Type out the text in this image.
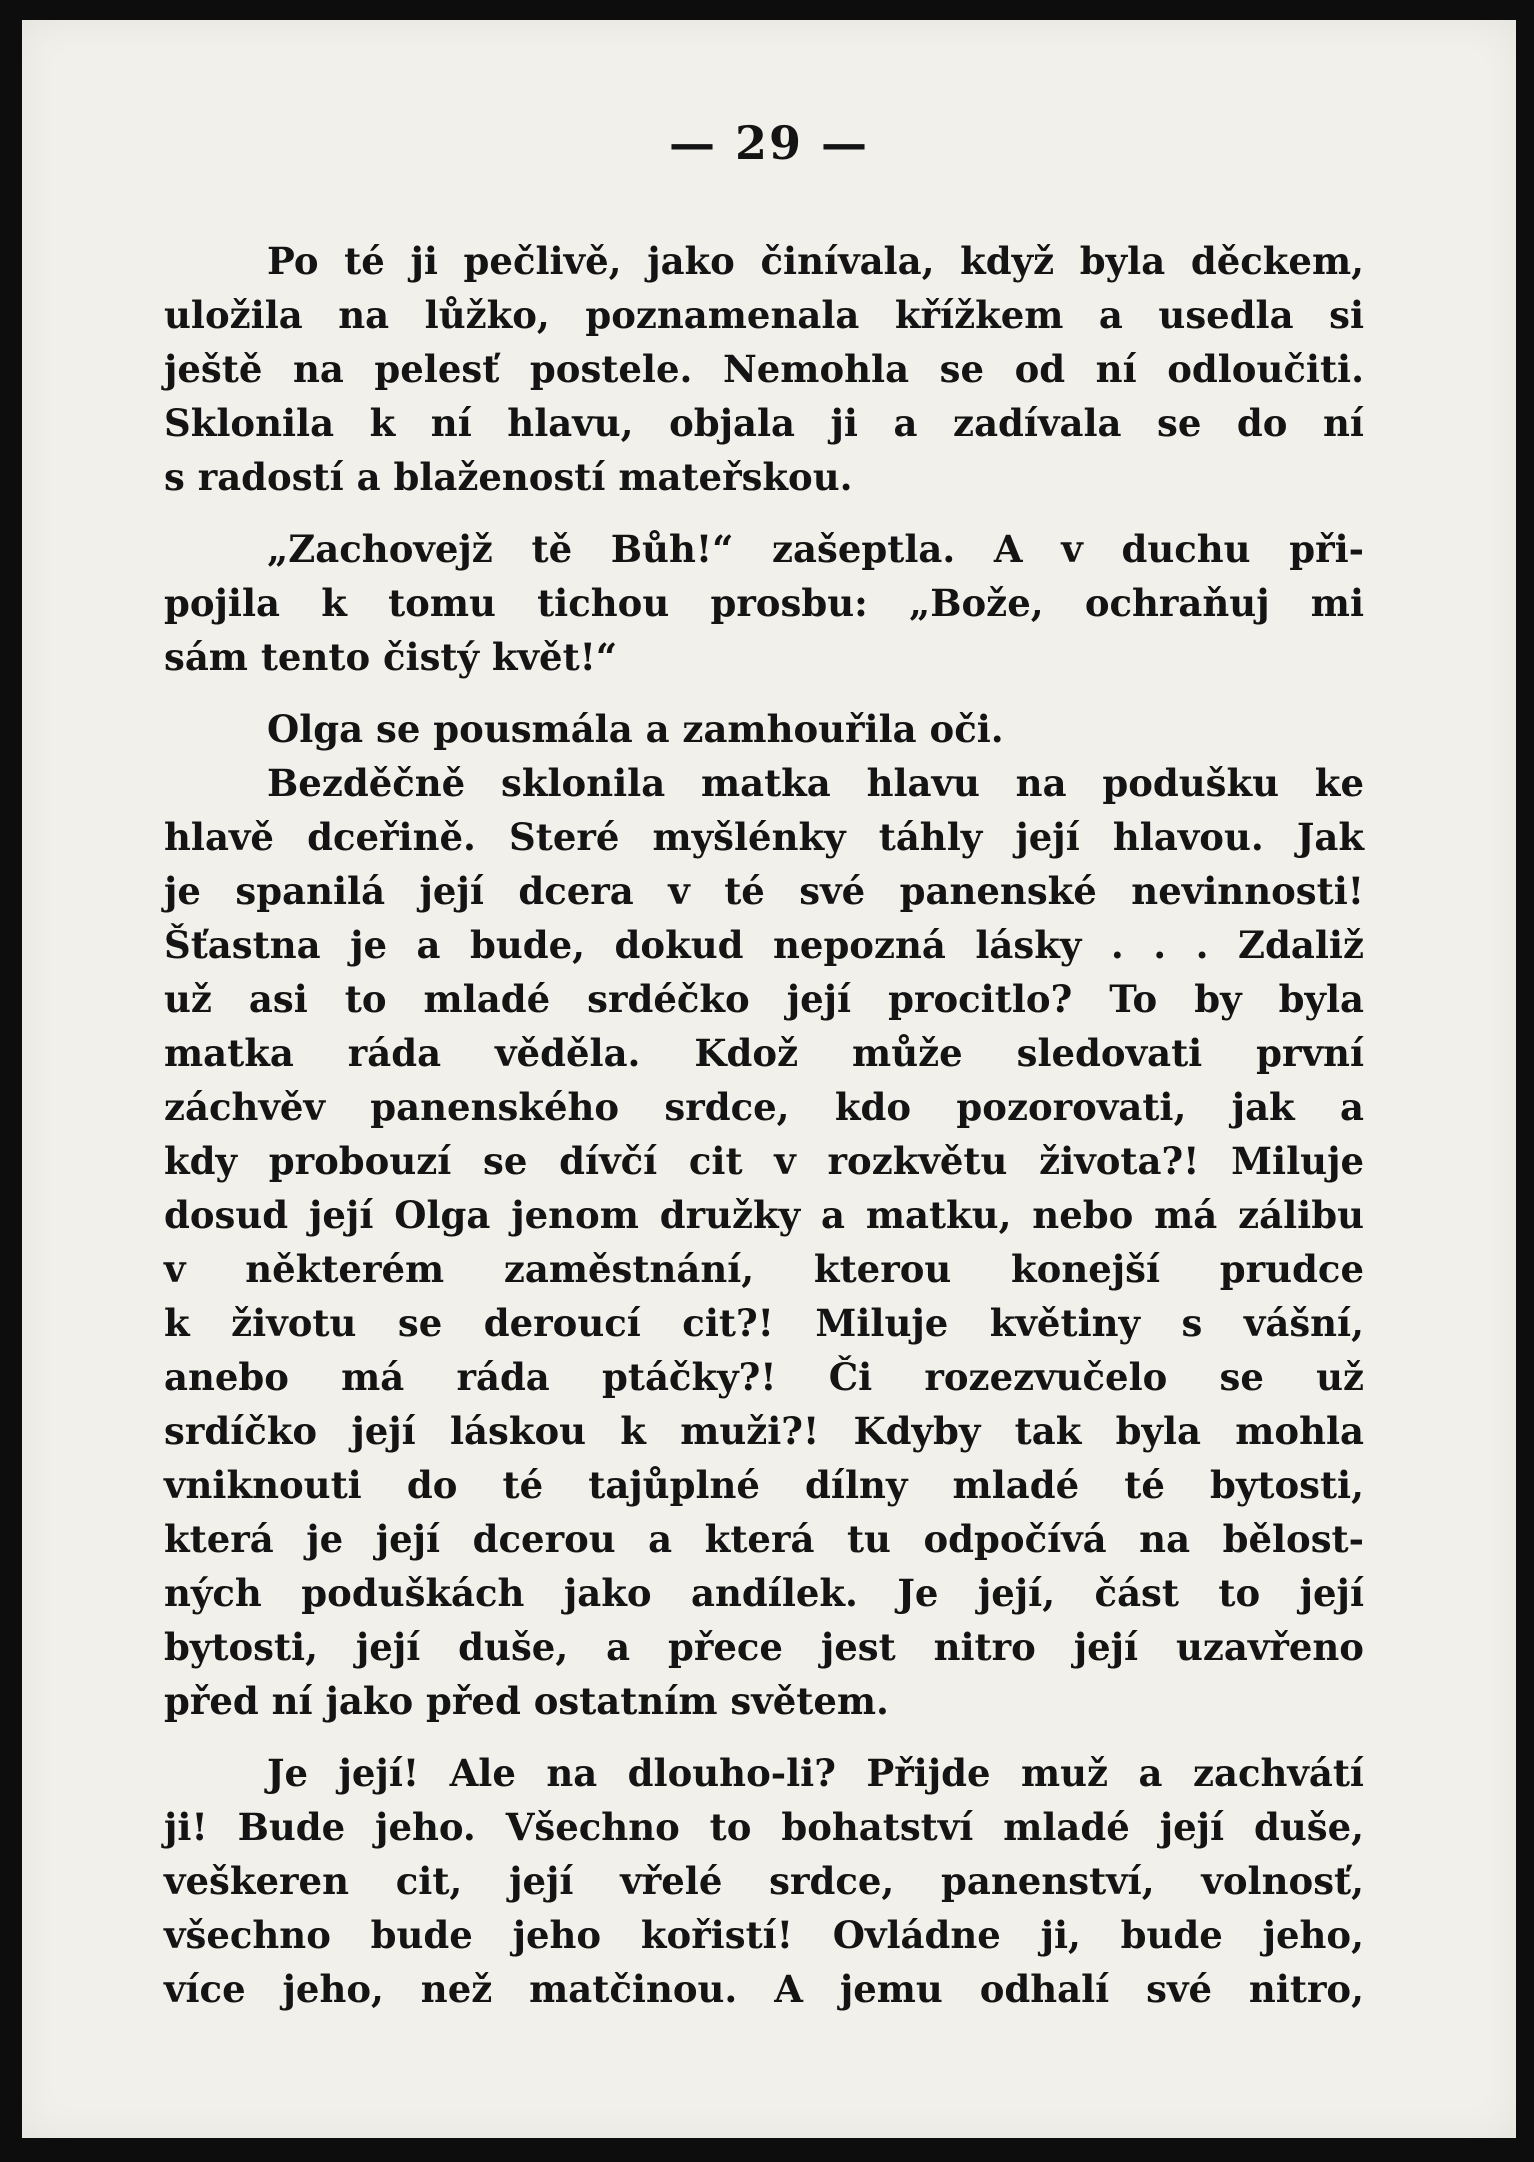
— 29 —

Po té ji pečlivě, jako činívala, když byla děckem,
uložila na lůžko, poznamenala křížkem a usedla si
ještě na pelesť postele. Nemohla se od ní odloučiti.
Sklonila k ní hlavu, objala ji a zadívala se do ní
s radostí a blažeností mateřskou.

„Zachovejž tě Bůh!“ zašeptla. A v duchu při-
pojila k tomu tichou prosbu: „Bože, ochraňuj mi
sám tento čistý květ!“

Olga se pousmála a zamhouřila oči.

Bezděčně sklonila matka hlavu na podušku ke
hlavě dceřině. Steré myšlénky táhly její hlavou. Jak
je spanilá její dcera v té své panenské nevinnosti!
Šťastna je a bude, dokud nepozná lásky . . . Zdaliž
už asi to mladé srdéčko její procitlo? To by byla
matka ráda věděla. Kdož může sledovati první
záchvěv panenského srdce, kdo pozorovati, jak a
kdy probouzí se dívčí cit v rozkvětu života?! Miluje
dosud její Olga jenom družky a matku, nebo má zálibu
v některém zaměstnání, kterou konejší prudce
k životu se deroucí cit?! Miluje květiny s vášní,
anebo má ráda ptáčky?! Či rozezvučelo se už
srdíčko její láskou k muži?! Kdyby tak byla mohla
vniknouti do té tajůplné dílny mladé té bytosti,
která je její dcerou a která tu odpočívá na bělost-
ných poduškách jako andílek. Je její, část to její
bytosti, její duše, a přece jest nitro její uzavřeno
před ní jako před ostatním světem.

Je její! Ale na dlouho-li? Přijde muž a zachvátí
ji! Bude jeho. Všechno to bohatství mladé její duše,
veškeren cit, její vřelé srdce, panenství, volnosť,
všechno bude jeho kořistí! Ovládne ji, bude jeho,
více jeho, než matčinou. A jemu odhalí své nitro,
